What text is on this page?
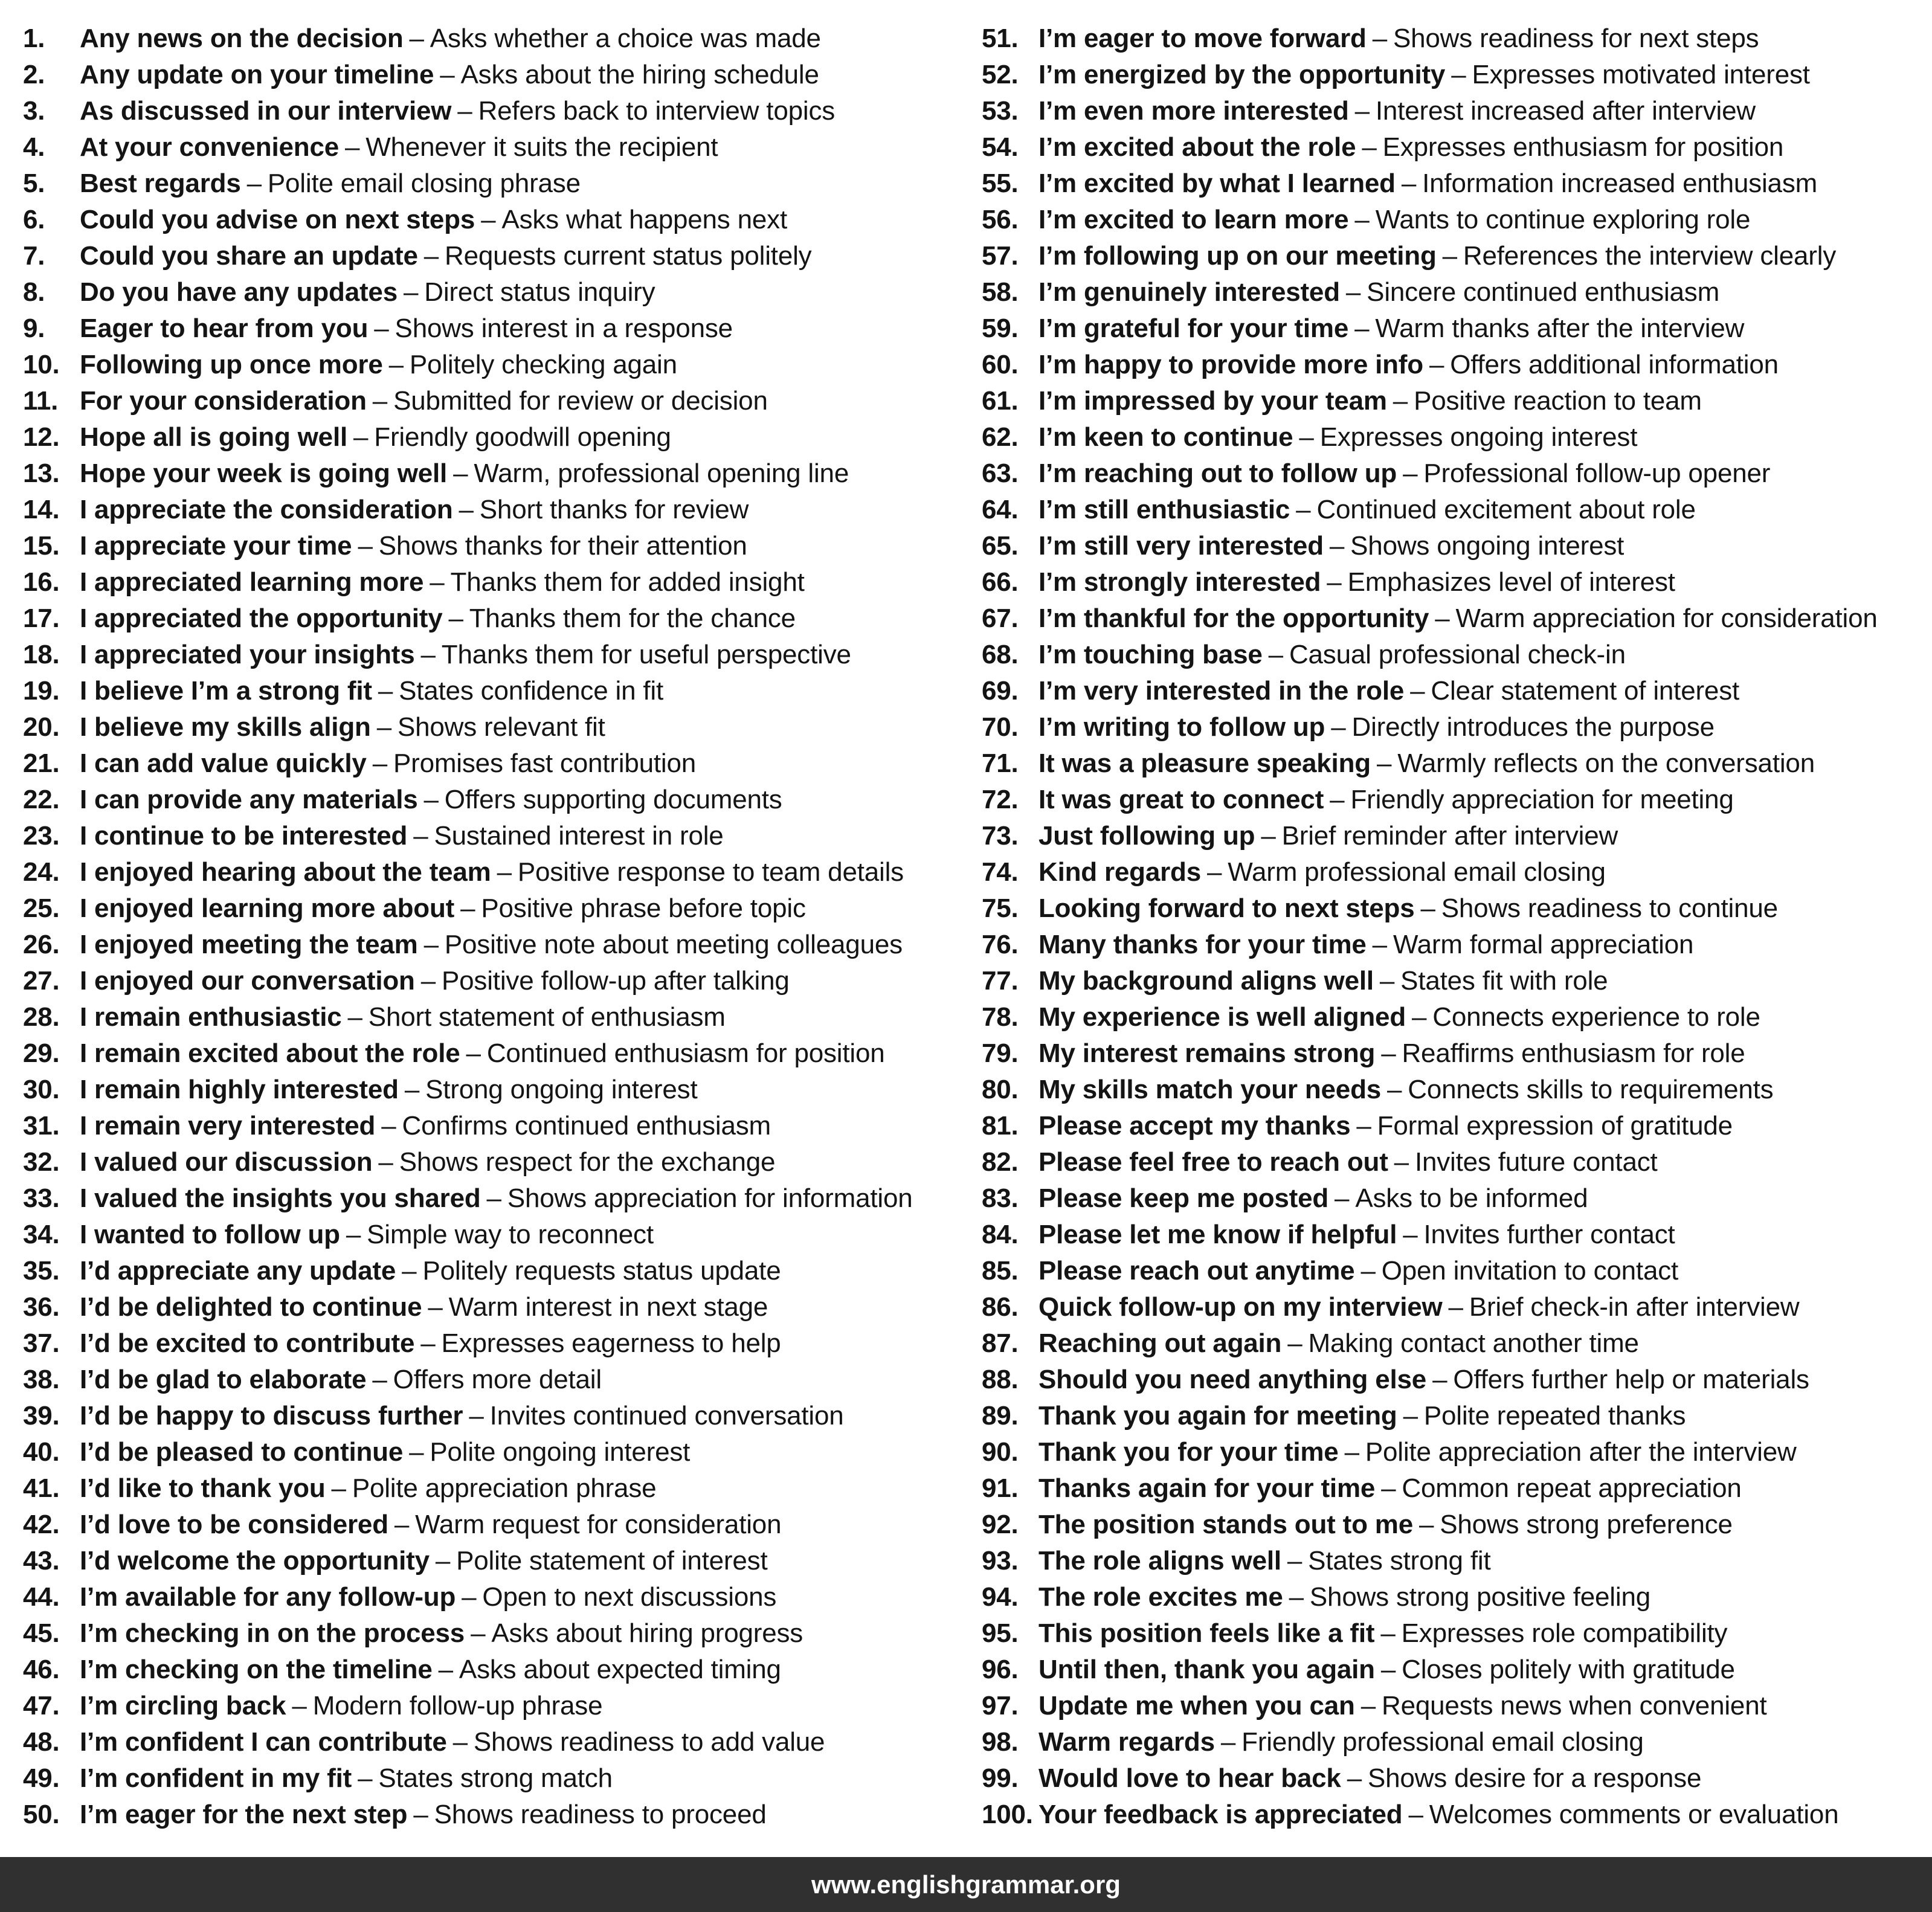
1.	Any news on the decision – Asks whether a choice was made
2.	Any update on your timeline – Asks about the hiring schedule
3.	As discussed in our interview – Refers back to interview topics
4.	At your convenience – Whenever it suits the recipient
5.	Best regards – Polite email closing phrase
6.	Could you advise on next steps – Asks what happens next
7.	Could you share an update – Requests current status politely
8.	Do you have any updates – Direct status inquiry
9.	Eager to hear from you – Shows interest in a response
10. Following up once more – Politely checking again
11. For your consideration – Submitted for review or decision
12. Hope all is going well – Friendly goodwill opening
13. Hope your week is going well – Warm, professional opening line
14. I appreciate the consideration – Short thanks for review
15. I appreciate your time – Shows thanks for their attention
16. I appreciated learning more – Thanks them for added insight
17. I appreciated the opportunity – Thanks them for the chance
18. I appreciated your insights – Thanks them for useful perspective
19. I believe I’m a strong fit – States confidence in fit
20. I believe my skills align – Shows relevant fit
21. I can add value quickly – Promises fast contribution
22. I can provide any materials – Offers supporting documents
23. I continue to be interested – Sustained interest in role
24. I enjoyed hearing about the team – Positive response to team details
25. I enjoyed learning more about – Positive phrase before topic
26. I enjoyed meeting the team – Positive note about meeting colleagues
27. I enjoyed our conversation – Positive follow-up after talking
28. I remain enthusiastic – Short statement of enthusiasm
29. I remain excited about the role – Continued enthusiasm for position
30. I remain highly interested – Strong ongoing interest
31. I remain very interested – Confirms continued enthusiasm
32. I valued our discussion – Shows respect for the exchange
33. I valued the insights you shared – Shows appreciation for information
34. I wanted to follow up – Simple way to reconnect
35. I’d appreciate any update – Politely requests status update
36. I’d be delighted to continue – Warm interest in next stage
37. I’d be excited to contribute – Expresses eagerness to help
38. I’d be glad to elaborate – Offers more detail
39. I’d be happy to discuss further – Invites continued conversation
40. I’d be pleased to continue – Polite ongoing interest
41. I’d like to thank you – Polite appreciation phrase
42. I’d love to be considered – Warm request for consideration
43. I’d welcome the opportunity – Polite statement of interest
44. I’m available for any follow-up – Open to next discussions
45. I’m checking in on the process – Asks about hiring progress
46. I’m checking on the timeline – Asks about expected timing
47. I’m circling back – Modern follow-up phrase
48. I’m confident I can contribute – Shows readiness to add value
49. I’m confident in my fit – States strong match
50. I’m eager for the next step – Shows readiness to proceed
51. I’m eager to move forward – Shows readiness for next steps
52. I’m energized by the opportunity – Expresses motivated interest
53. I’m even more interested – Interest increased after interview
54. I’m excited about the role – Expresses enthusiasm for position
55. I’m excited by what I learned – Information increased enthusiasm
56. I’m excited to learn more – Wants to continue exploring role
57. I’m following up on our meeting – References the interview clearly
58. I’m genuinely interested – Sincere continued enthusiasm
59. I’m grateful for your time – Warm thanks after the interview
60. I’m happy to provide more info – Offers additional information
61. I’m impressed by your team – Positive reaction to team
62. I’m keen to continue – Expresses ongoing interest
63. I’m reaching out to follow up – Professional follow-up opener
64. I’m still enthusiastic – Continued excitement about role
65. I’m still very interested – Shows ongoing interest
66. I’m strongly interested – Emphasizes level of interest
67. I’m thankful for the opportunity – Warm appreciation for consideration
68. I’m touching base – Casual professional check-in
69. I’m very interested in the role – Clear statement of interest
70. I’m writing to follow up – Directly introduces the purpose
71. It was a pleasure speaking – Warmly reflects on the conversation
72. It was great to connect – Friendly appreciation for meeting
73. Just following up – Brief reminder after interview
74. Kind regards – Warm professional email closing
75. Looking forward to next steps – Shows readiness to continue
76. Many thanks for your time – Warm formal appreciation
77. My background aligns well – States fit with role
78. My experience is well aligned – Connects experience to role
79. My interest remains strong – Reaffirms enthusiasm for role
80. My skills match your needs – Connects skills to requirements
81. Please accept my thanks – Formal expression of gratitude
82. Please feel free to reach out – Invites future contact
83. Please keep me posted – Asks to be informed
84. Please let me know if helpful – Invites further contact
85. Please reach out anytime – Open invitation to contact
86. Quick follow-up on my interview – Brief check-in after interview
87. Reaching out again – Making contact another time
88. Should you need anything else – Offers further help or materials
89. Thank you again for meeting – Polite repeated thanks
90. Thank you for your time – Polite appreciation after the interview
91. Thanks again for your time – Common repeat appreciation
92. The position stands out to me – Shows strong preference
93. The role aligns well – States strong fit
94. The role excites me – Shows strong positive feeling
95. This position feels like a fit – Expresses role compatibility
96. Until then, thank you again – Closes politely with gratitude
97. Update me when you can – Requests news when convenient
98. Warm regards – Friendly professional email closing
99. Would love to hear back – Shows desire for a response
100. Your feedback is appreciated – Welcomes comments or evaluation
www.englishgrammar.org
